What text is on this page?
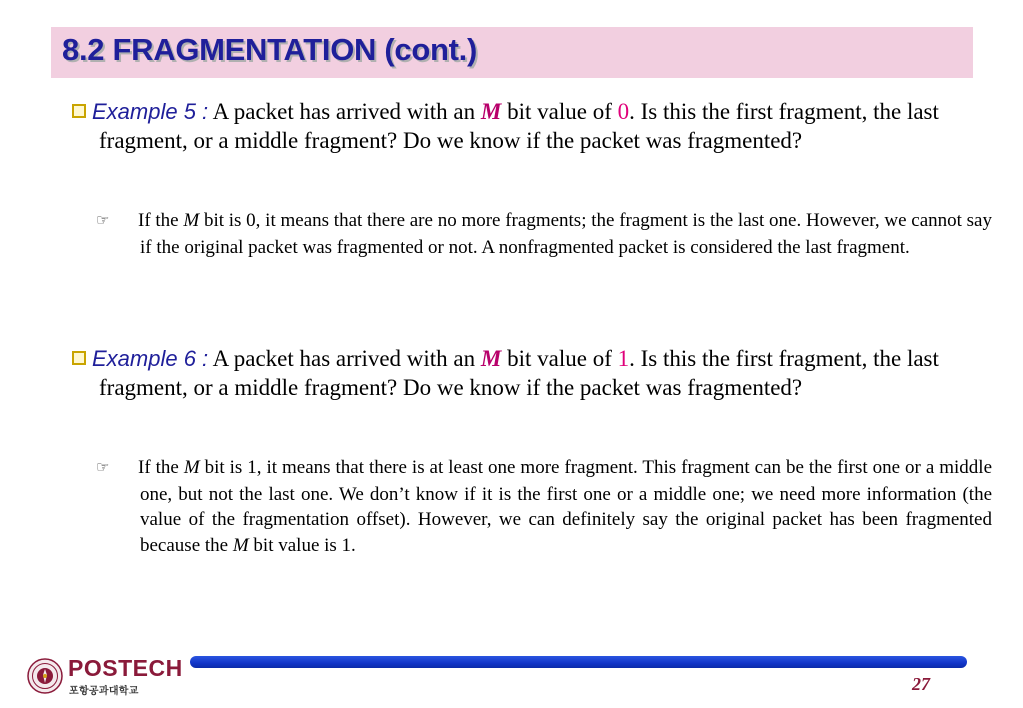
8.2 FRAGMENTATION (cont.)
Example 5 : A packet has arrived with an M bit value of 0. Is this the first fragment, the last fragment, or a middle fragment? Do we know if the packet was fragmented?
☞ If the M bit is 0, it means that there are no more fragments; the fragment is the last one. However, we cannot say if the original packet was fragmented or not. A nonfragmented packet is considered the last fragment.
Example 6 : A packet has arrived with an M bit value of 1. Is this the first fragment, the last fragment, or a middle fragment? Do we know if the packet was fragmented?
☞ If the M bit is 1, it means that there is at least one more fragment. This fragment can be the first one or a middle one, but not the last one. We don’t know if it is the first one or a middle one; we need more information (the value of the fragmentation offset). However, we can definitely say the original packet has been fragmented because the M bit value is 1.
POSTECH
포항공과대학교	27
